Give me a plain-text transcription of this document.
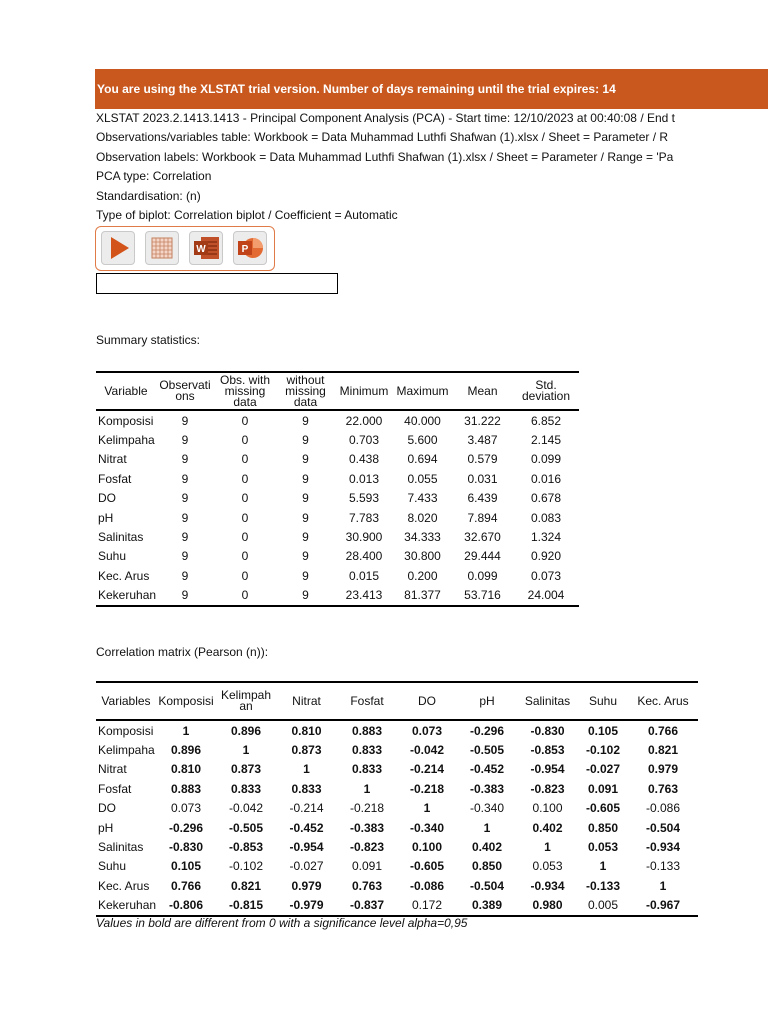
You are using the XLSTAT trial version. Number of days remaining until the trial expires: 14
XLSTAT 2023.2.1413.1413 - Principal Component Analysis (PCA) - Start time: 12/10/2023 at 00:40:08 / End t
Observations/variables table: Workbook = Data Muhammad Luthfi Shafwan (1).xlsx / Sheet = Parameter / R
Observation labels: Workbook = Data Muhammad Luthfi Shafwan (1).xlsx / Sheet = Parameter / Range = 'Pa
PCA type: Correlation
Standardisation: (n)
Type of biplot: Correlation biplot / Coefficient = Automatic
W	P
Summary statistics:
Variable	Observati ons	Obs. with missing data	without missing data	Minimum	Maximum	Mean	Std. deviation
Komposisi	9	0	9	22.000	40.000	31.222	6.852
Kelimpaha	9	0	9	0.703	5.600	3.487	2.145
Nitrat	9	0	9	0.438	0.694	0.579	0.099
Fosfat	9	0	9	0.013	0.055	0.031	0.016
DO	9	0	9	5.593	7.433	6.439	0.678
pH	9	0	9	7.783	8.020	7.894	0.083
Salinitas	9	0	9	30.900	34.333	32.670	1.324
Suhu	9	0	9	28.400	30.800	29.444	0.920
Kec. Arus	9	0	9	0.015	0.200	0.099	0.073
Kekeruhan	9	0	9	23.413	81.377	53.716	24.004
Correlation matrix (Pearson (n)):
Variables	Komposisi	Kelimpah an	Nitrat	Fosfat	DO	pH	Salinitas	Suhu	Kec. Arus
Komposisi	1	0.896	0.810	0.883	0.073	-0.296	-0.830	0.105	0.766
Kelimpaha	0.896	1	0.873	0.833	-0.042	-0.505	-0.853	-0.102	0.821
Nitrat	0.810	0.873	1	0.833	-0.214	-0.452	-0.954	-0.027	0.979
Fosfat	0.883	0.833	0.833	1	-0.218	-0.383	-0.823	0.091	0.763
DO	0.073	-0.042	-0.214	-0.218	1	-0.340	0.100	-0.605	-0.086
pH	-0.296	-0.505	-0.452	-0.383	-0.340	1	0.402	0.850	-0.504
Salinitas	-0.830	-0.853	-0.954	-0.823	0.100	0.402	1	0.053	-0.934
Suhu	0.105	-0.102	-0.027	0.091	-0.605	0.850	0.053	1	-0.133
Kec. Arus	0.766	0.821	0.979	0.763	-0.086	-0.504	-0.934	-0.133	1
Kekeruhan	-0.806	-0.815	-0.979	-0.837	0.172	0.389	0.980	0.005	-0.967
Values in bold are different from 0 with a significance level alpha=0,95
